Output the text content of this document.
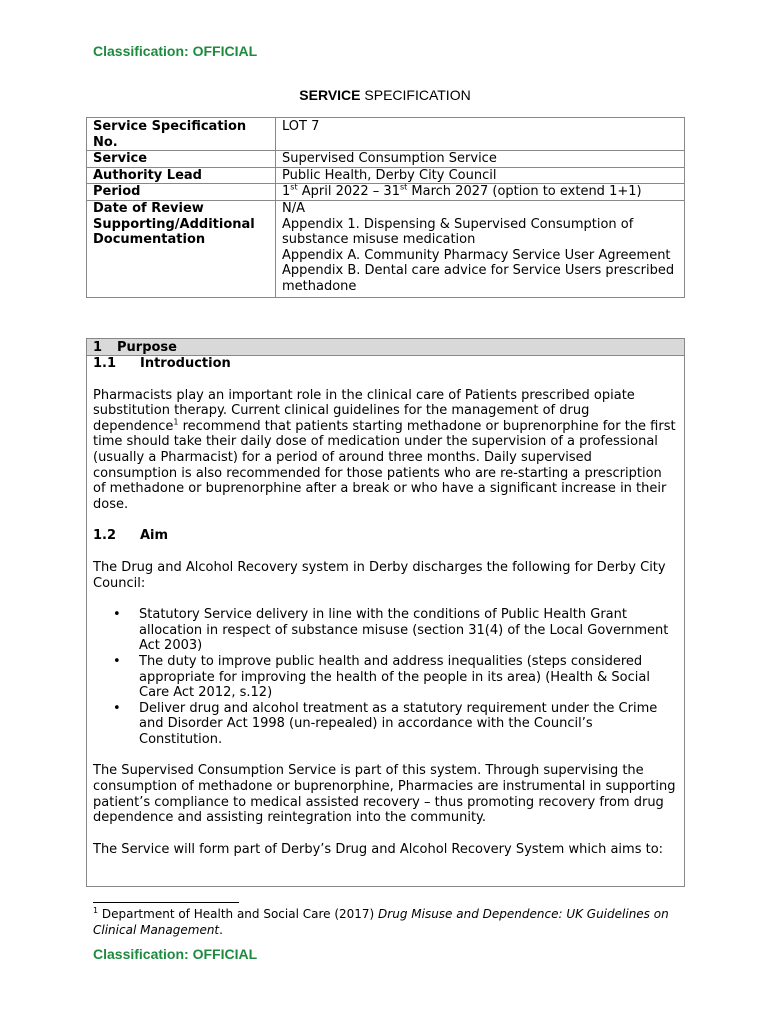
Classification: OFFICIAL
SERVICE SPECIFICATION
Service Specification No.	LOT 7
Service	Supervised Consumption Service
Authority Lead	Public Health, Derby City Council
Period	1st April 2022 – 31st March 2027 (option to extend 1+1)
Date of Review	N/A
Supporting/Additional Documentation	Appendix 1. Dispensing & Supervised Consumption of substance misuse medication
Appendix A. Community Pharmacy Service User Agreement
Appendix B. Dental care advice for Service Users prescribed methadone
1 Purpose
1.1 Introduction

Pharmacists play an important role in the clinical care of Patients prescribed opiate substitution therapy. Current clinical guidelines for the management of drug dependence$^1$ recommend that patients starting methadone or buprenorphine for the first time should take their daily dose of medication under the supervision of a professional (usually a Pharmacist) for a period of around three months. Daily supervised consumption is also recommended for those patients who are re-starting a prescription of methadone or buprenorphine after a break or who have a significant increase in their dose.

1.2 Aim

The Drug and Alcohol Recovery system in Derby discharges the following for Derby City Council:

• Statutory Service delivery in line with the conditions of Public Health Grant allocation in respect of substance misuse (section 31(4) of the Local Government Act 2003)
• The duty to improve public health and address inequalities (steps considered appropriate for improving the health of the people in its area) (Health & Social Care Act 2012, s.12)
• Deliver drug and alcohol treatment as a statutory requirement under the Crime and Disorder Act 1998 (un-repealed) in accordance with the Council’s Constitution.

The Supervised Consumption Service is part of this system. Through supervising the consumption of methadone or buprenorphine, Pharmacies are instrumental in supporting patient’s compliance to medical assisted recovery – thus promoting recovery from drug dependence and assisting reintegration into the community.

The Service will form part of Derby’s Drug and Alcohol Recovery System which aims to:

$^1$ Department of Health and Social Care (2017) Drug Misuse and Dependence: UK Guidelines on Clinical Management.
Classification: OFFICIAL
